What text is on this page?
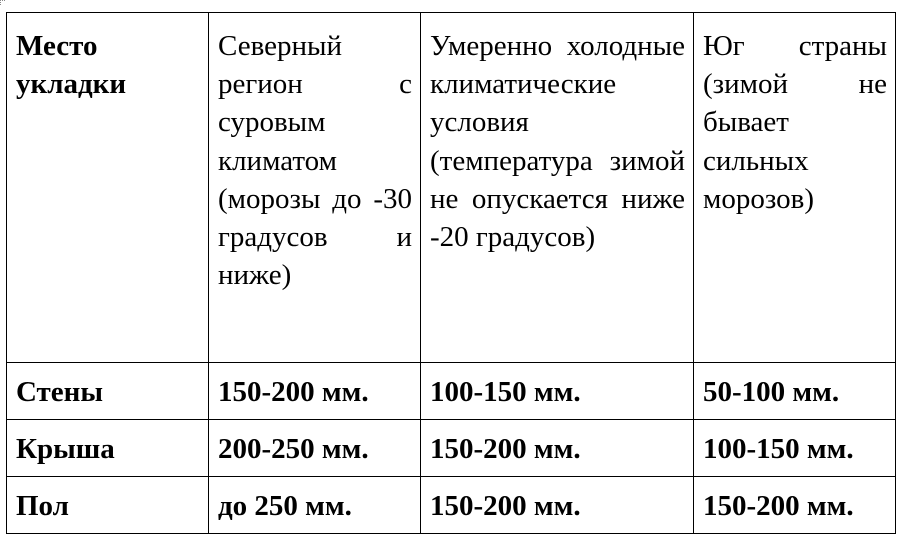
Место укладки	Северный регион с суровым климатом (морозы до -30 градусов и ниже)	Умеренно холодные климатические условия (температура зимой не опускается ниже -20 градусов)	Юг страны (зимой не бывает сильных морозов)
Стены	150-200 мм.	100-150 мм.	50-100 мм.
Крыша	200-250 мм.	150-200 мм.	100-150 мм.
Пол	до 250 мм.	150-200 мм.	150-200 мм.
